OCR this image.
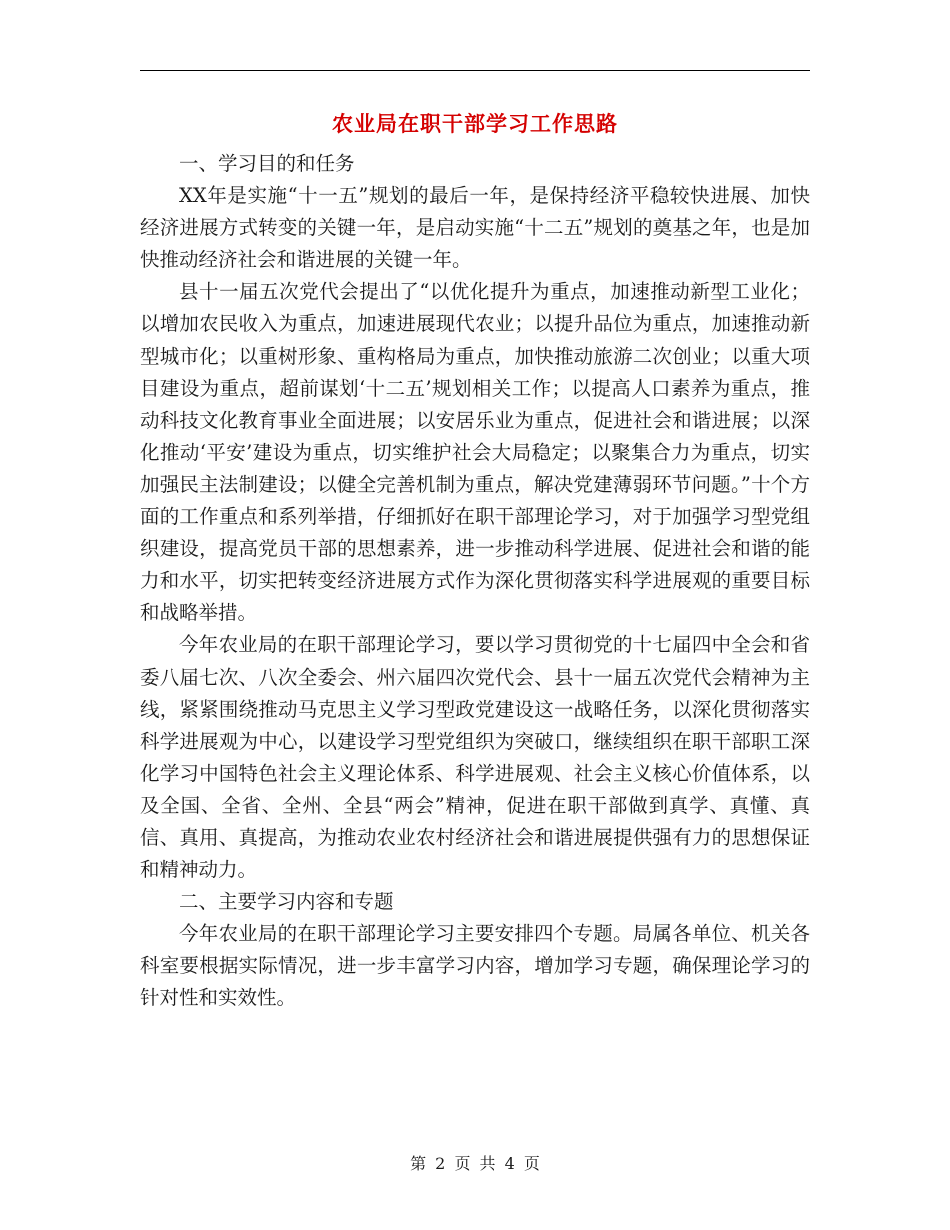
农业局在职干部学习工作思路

一、学习目的和任务

XX年是实施“十一五”规划的最后一年，是保持经济平稳较快进展、加快经济进展方式转变的关键一年，是启动实施“十二五”规划的奠基之年，也是加快推动经济社会和谐进展的关键一年。

县十一届五次党代会提出了“以优化提升为重点，加速推动新型工业化；以增加农民收入为重点，加速进展现代农业；以提升品位为重点，加速推动新型城市化；以重树形象、重构格局为重点，加快推动旅游二次创业；以重大项目建设为重点，超前谋划‘十二五’规划相关工作；以提高人口素养为重点，推动科技文化教育事业全面进展；以安居乐业为重点，促进社会和谐进展；以深化推动‘平安’建设为重点，切实维护社会大局稳定；以聚集合力为重点，切实加强民主法制建设；以健全完善机制为重点，解决党建薄弱环节问题。”十个方面的工作重点和系列举措，仔细抓好在职干部理论学习，对于加强学习型党组织建设，提高党员干部的思想素养，进一步推动科学进展、促进社会和谐的能力和水平，切实把转变经济进展方式作为深化贯彻落实科学进展观的重要目标和战略举措。

今年农业局的在职干部理论学习，要以学习贯彻党的十七届四中全会和省委八届七次、八次全委会、州六届四次党代会、县十一届五次党代会精神为主线，紧紧围绕推动马克思主义学习型政党建设这一战略任务，以深化贯彻落实科学进展观为中心，以建设学习型党组织为突破口，继续组织在职干部职工深化学习中国特色社会主义理论体系、科学进展观、社会主义核心价值体系，以及全国、全省、全州、全县“两会”精神，促进在职干部做到真学、真懂、真信、真用、真提高，为推动农业农村经济社会和谐进展提供强有力的思想保证和精神动力。

二、主要学习内容和专题

今年农业局的在职干部理论学习主要安排四个专题。局属各单位、机关各科室要根据实际情况，进一步丰富学习内容，增加学习专题，确保理论学习的针对性和实效性。

第 2 页 共 4 页
